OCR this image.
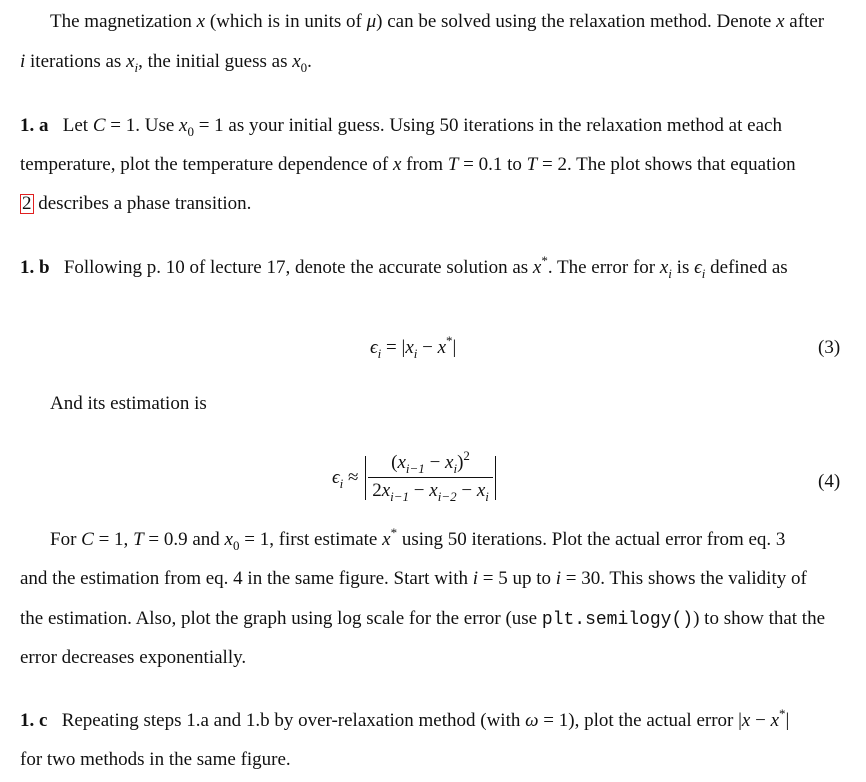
The magnetization x (which is in units of μ) can be solved using the relaxation method. Denote x after
i iterations as $x_i$, the initial guess as $x_0$.
1. a Let C = 1. Use $x_0 = 1$ as your initial guess. Using 50 iterations in the relaxation method at each
temperature, plot the temperature dependence of x from T = 0.1 to T = 2. The plot shows that equation
2 describes a phase transition.
1. b Following p. 10 of lecture 17, denote the accurate solution as x*. The error for $x_i$ is $\epsilon_i$ defined as
$\epsilon_i = |x_i - x^*|$	(3)
And its estimation is
$\epsilon_i \approx \frac{(x_{i-1} - x_i)^2}{2x_{i-1} - x_{i-2} - x_i}$	(4)
For C = 1, T = 0.9 and $x_0 = 1$, first estimate x* using 50 iterations. Plot the actual error from eq. 3
and the estimation from eq. 4 in the same figure. Start with i = 5 up to i = 30. This shows the validity of
the estimation. Also, plot the graph using log scale for the error (use plt.semilogy()) to show that the
error decreases exponentially.
1. c Repeating steps 1.a and 1.b by over-relaxation method (with ω = 1), plot the actual error |x − x*|
for two methods in the same figure.
